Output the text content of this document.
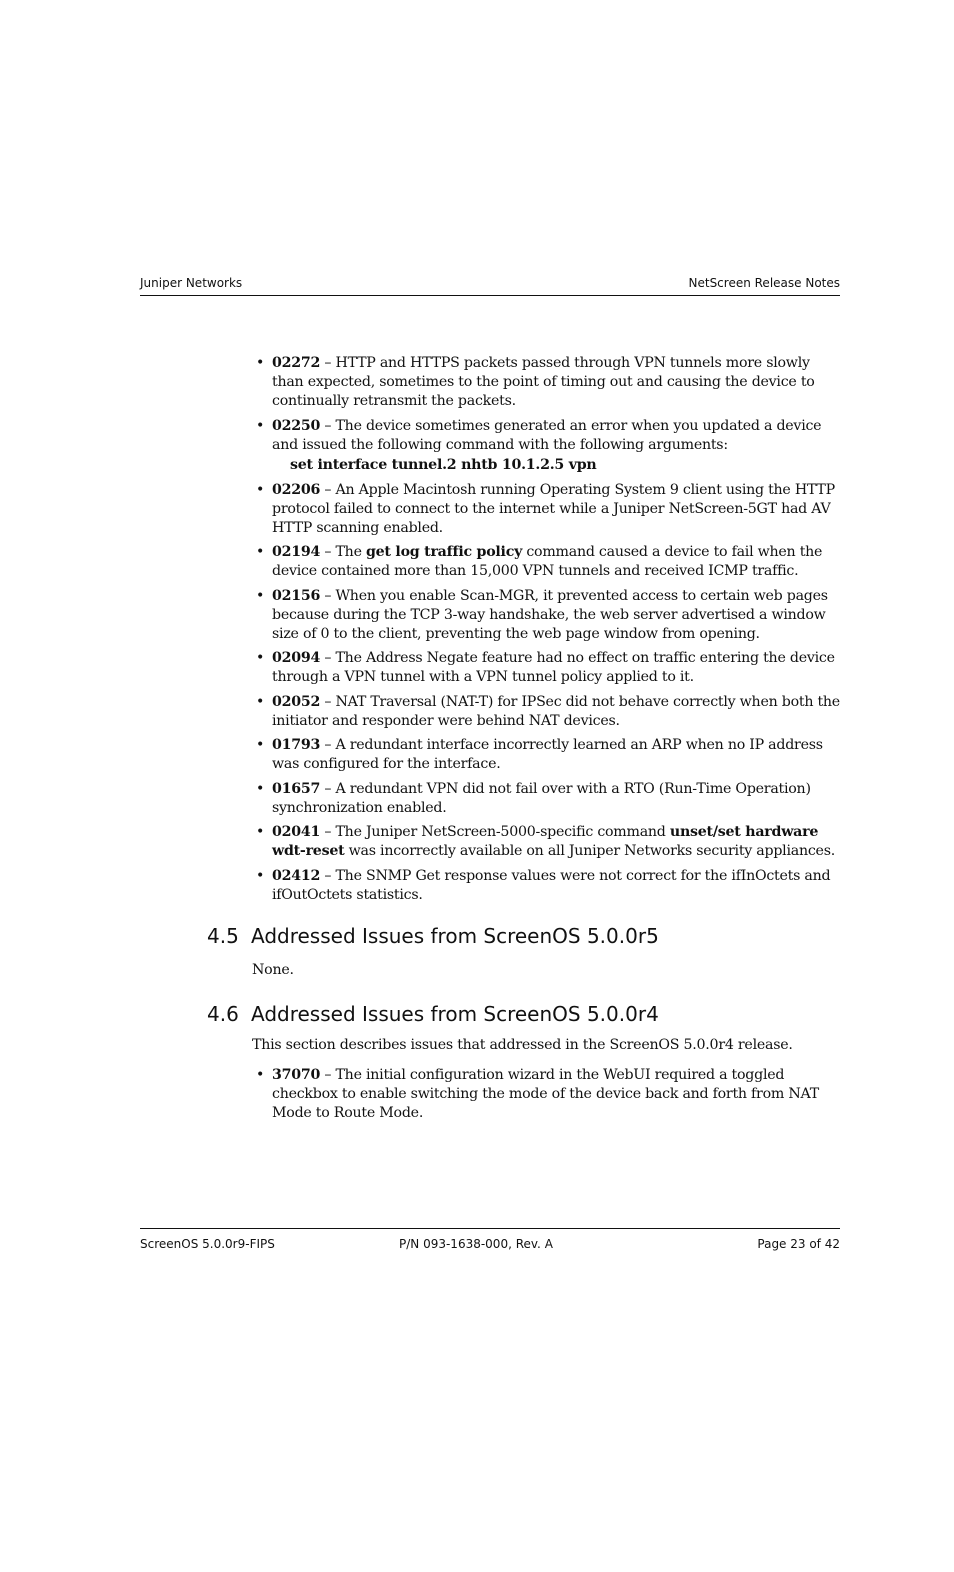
Juniper Networks	NetScreen Release Notes
• 02272 – HTTP and HTTPS packets passed through VPN tunnels more slowly than expected, sometimes to the point of timing out and causing the device to continually retransmit the packets.
• 02250 – The device sometimes generated an error when you updated a device and issued the following command with the following arguments:
set interface tunnel.2 nhtb 10.1.2.5 vpn
• 02206 – An Apple Macintosh running Operating System 9 client using the HTTP protocol failed to connect to the internet while a Juniper NetScreen-5GT had AV HTTP scanning enabled.
• 02194 – The get log traffic policy command caused a device to fail when the device contained more than 15,000 VPN tunnels and received ICMP traffic.
• 02156 – When you enable Scan-MGR, it prevented access to certain web pages because during the TCP 3-way handshake, the web server advertised a window size of 0 to the client, preventing the web page window from opening.
• 02094 – The Address Negate feature had no effect on traffic entering the device through a VPN tunnel with a VPN tunnel policy applied to it.
• 02052 – NAT Traversal (NAT-T) for IPSec did not behave correctly when both the initiator and responder were behind NAT devices.
• 01793 – A redundant interface incorrectly learned an ARP when no IP address was configured for the interface.
• 01657 – A redundant VPN did not fail over with a RTO (Run-Time Operation) synchronization enabled.
• 02041 – The Juniper NetScreen-5000-specific command unset/set hardware wdt-reset was incorrectly available on all Juniper Networks security appliances.
• 02412 – The SNMP Get response values were not correct for the ifInOctets and ifOutOctets statistics.
4.5 Addressed Issues from ScreenOS 5.0.0r5

None.

4.6 Addressed Issues from ScreenOS 5.0.0r4

This section describes issues that addressed in the ScreenOS 5.0.0r4 release.

• 37070 – The initial configuration wizard in the WebUI required a toggled checkbox to enable switching the mode of the device back and forth from NAT Mode to Route Mode.
ScreenOS 5.0.0r9-FIPS	P/N 093-1638-000, Rev. A	Page 23 of 42
